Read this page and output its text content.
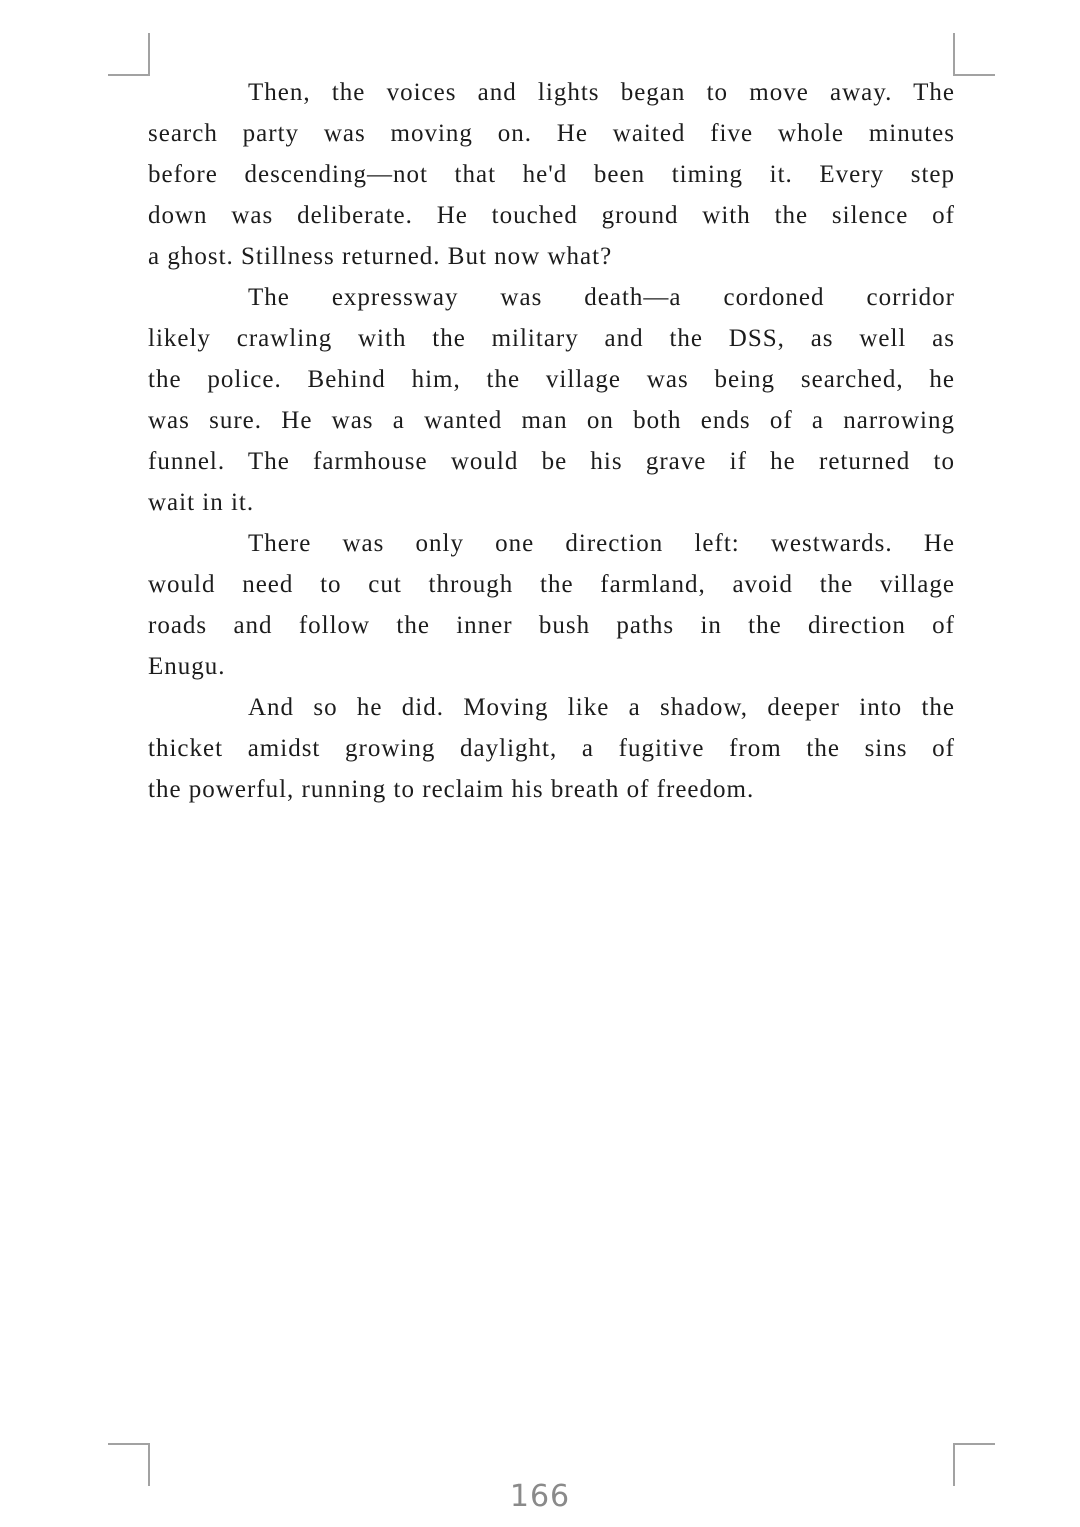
Then, the voices and lights began to move away. The
search party was moving on. He waited five whole minutes
before descending—not that he'd been timing it. Every step
down was deliberate. He touched ground with the silence of
a ghost. Stillness returned. But now what?
The expressway was death—a cordoned corridor
likely crawling with the military and the DSS, as well as
the police. Behind him, the village was being searched, he
was sure. He was a wanted man on both ends of a narrowing
funnel. The farmhouse would be his grave if he returned to
wait in it.
There was only one direction left: westwards. He
would need to cut through the farmland, avoid the village
roads and follow the inner bush paths in the direction of
Enugu.
And so he did. Moving like a shadow, deeper into the
thicket amidst growing daylight, a fugitive from the sins of
the powerful, running to reclaim his breath of freedom.
166
